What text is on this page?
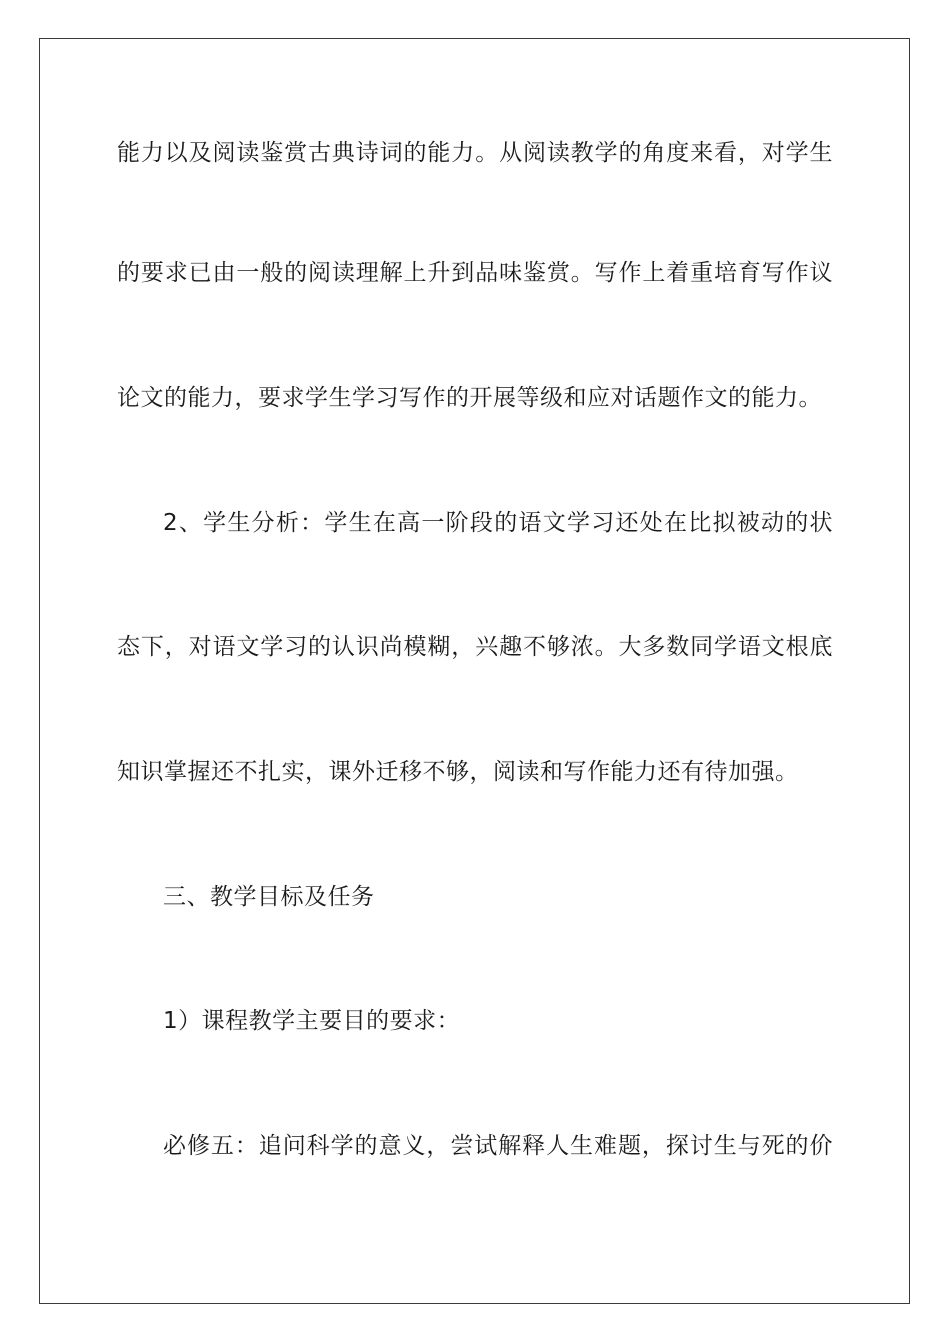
能力以及阅读鉴赏古典诗词的能力。从阅读教学的角度来看，对学生
的要求已由一般的阅读理解上升到品味鉴赏。写作上着重培育写作议
论文的能力，要求学生学习写作的开展等级和应对话题作文的能力。
2、学生分析：学生在高一阶段的语文学习还处在比拟被动的状
态下，对语文学习的认识尚模糊，兴趣不够浓。大多数同学语文根底
知识掌握还不扎实，课外迁移不够，阅读和写作能力还有待加强。
三、教学目标及任务
1）课程教学主要目的要求：
必修五：追问科学的意义，尝试解释人生难题，探讨生与死的价
